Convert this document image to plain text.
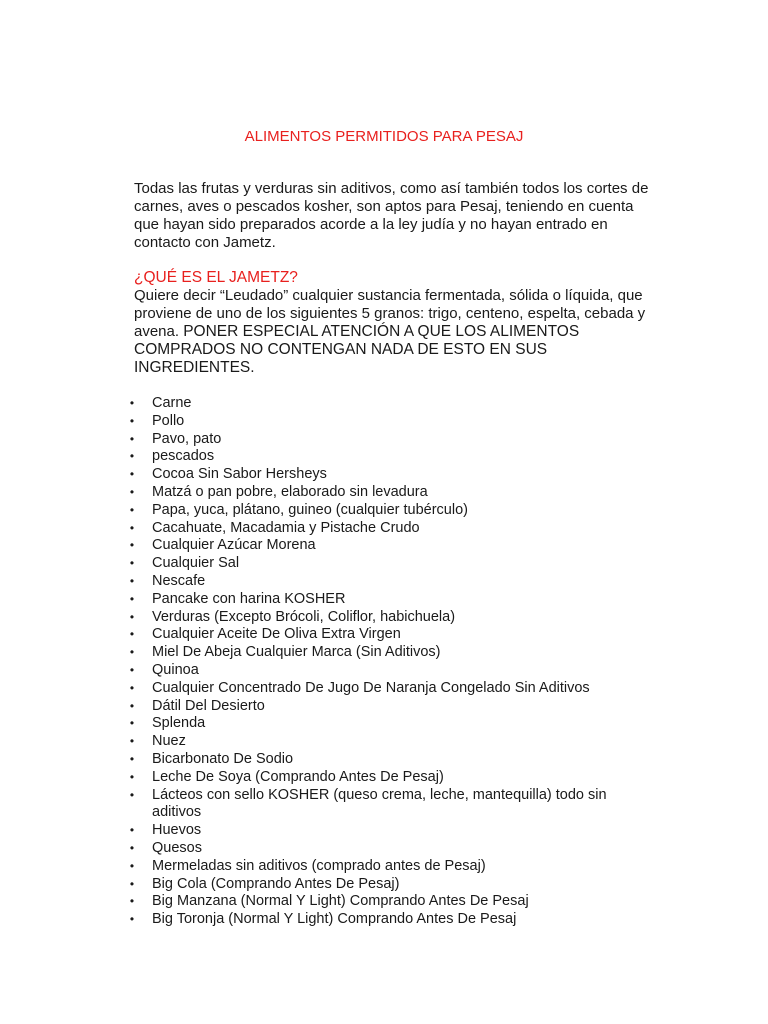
ALIMENTOS PERMITIDOS PARA PESAJ

Todas las frutas y verduras sin aditivos, como así también todos los cortes de carnes, aves o pescados kosher, son aptos para Pesaj, teniendo en cuenta que hayan sido preparados acorde a la ley judía y no hayan entrado en contacto con Jametz.

¿QUÉ ES EL JAMETZ?

Quiere decir “Leudado” cualquier sustancia fermentada, sólida o líquida, que proviene de uno de los siguientes 5 granos: trigo, centeno, espelta, cebada y avena. PONER ESPECIAL ATENCIÓN A QUE LOS ALIMENTOS COMPRADOS NO CONTENGAN NADA DE ESTO EN SUS INGREDIENTES.

• Carne
• Pollo
• Pavo, pato
• pescados
• Cocoa Sin Sabor Hersheys
• Matzá o pan pobre, elaborado sin levadura
• Papa, yuca, plátano, guineo (cualquier tubérculo)
• Cacahuate, Macadamia y Pistache Crudo
• Cualquier Azúcar Morena
• Cualquier Sal
• Nescafe
• Pancake con harina KOSHER
• Verduras (Excepto Brócoli, Coliflor, habichuela)
• Cualquier Aceite De Oliva Extra Virgen
• Miel De Abeja Cualquier Marca (Sin Aditivos)
• Quinoa
• Cualquier Concentrado De Jugo De Naranja Congelado Sin Aditivos
• Dátil Del Desierto
• Splenda
• Nuez
• Bicarbonato De Sodio
• Leche De Soya (Comprando Antes De Pesaj)
• Lácteos con sello KOSHER (queso crema, leche, mantequilla) todo sin aditivos
• Huevos
• Quesos
• Mermeladas sin aditivos (comprado antes de Pesaj)
• Big Cola (Comprando Antes De Pesaj)
• Big Manzana (Normal Y Light) Comprando Antes De Pesaj
• Big Toronja (Normal Y Light) Comprando Antes De Pesaj
